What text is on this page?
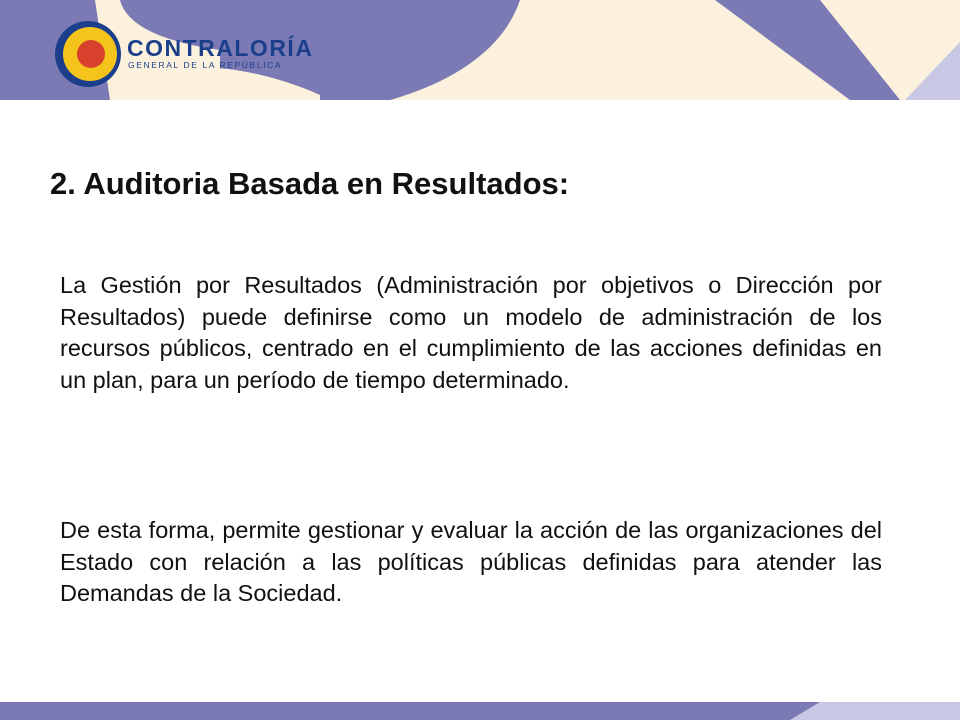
CONTRALORÍA
GENERAL DE LA REPÚBLICA
2. Auditoria Basada en Resultados:

La Gestión por Resultados (Administración por objetivos o Dirección por Resultados) puede definirse como un modelo de administración de los recursos públicos, centrado en el cumplimiento de las acciones definidas en un plan, para un período de tiempo determinado.

De esta forma, permite gestionar y evaluar la acción de las organizaciones del Estado con relación a las políticas públicas definidas para atender las Demandas de la Sociedad.
